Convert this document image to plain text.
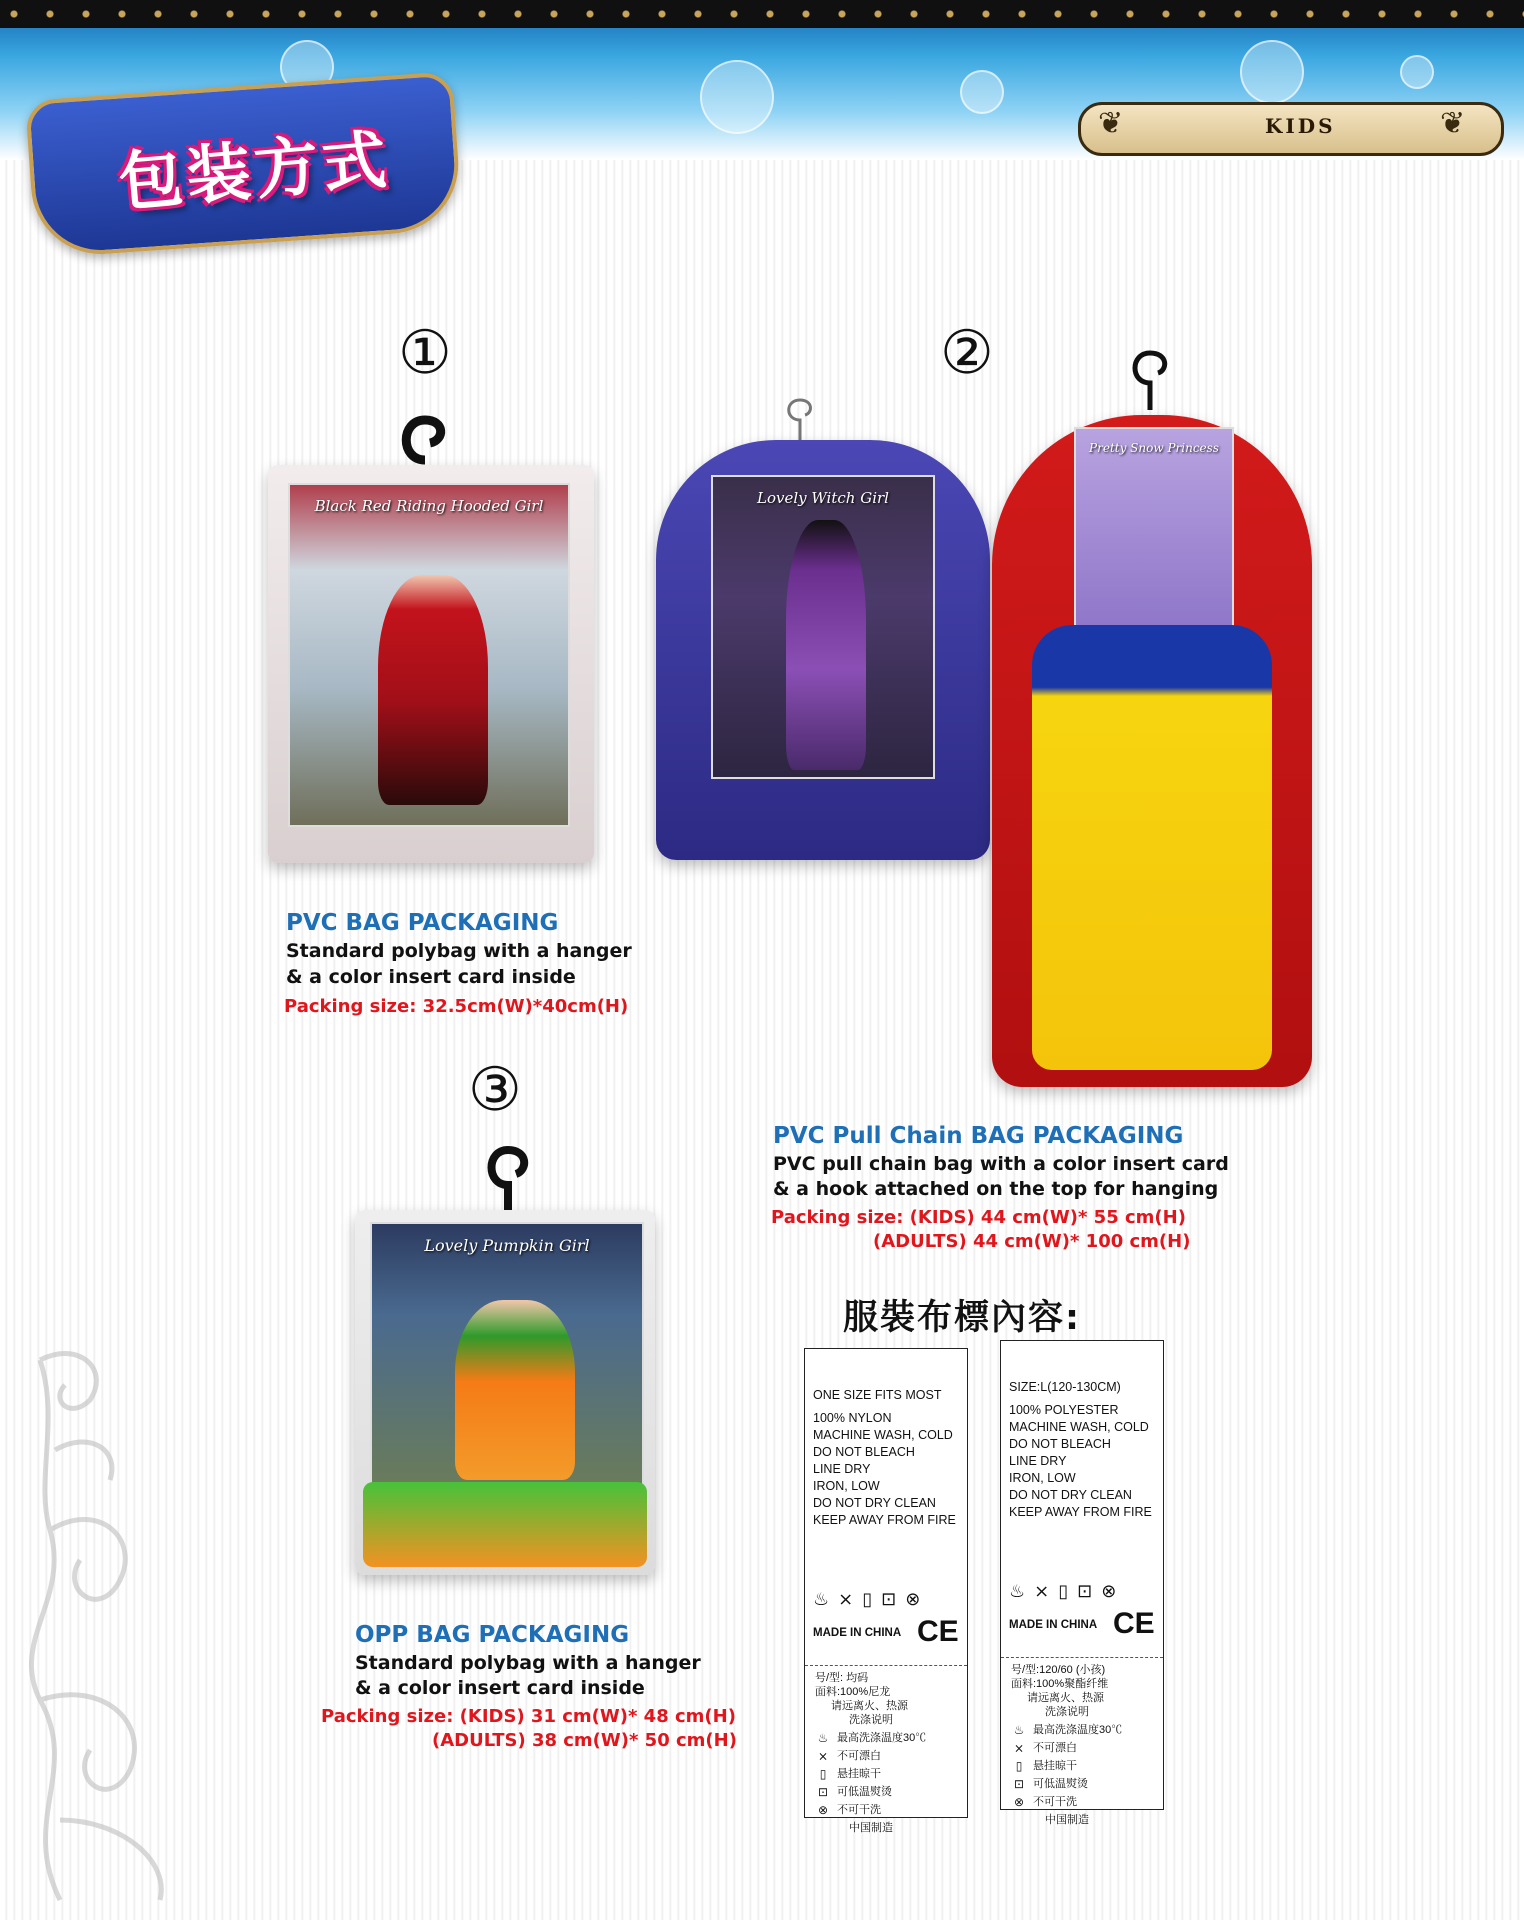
包装方式	❦	❦
KIDS
①
Black Red Riding Hooded Girl
PVC BAG PACKAGING
Standard polybag with a hanger
& a color insert card inside
Packing size: 32.5cm(W)*40cm(H)
②
Lovely Witch Girl
Pretty Snow Princess
PVC Pull Chain BAG PACKAGING
PVC pull chain bag with a color insert card
& a hook attached on the top for hanging
Packing size: (KIDS) 44 cm(W)* 55 cm(H)
(ADULTS) 44 cm(W)* 100 cm(H)
③
Lovely Pumpkin Girl
OPP BAG PACKAGING
Standard polybag with a hanger
& a color insert card inside
Packing size: (KIDS) 31 cm(W)* 48 cm(H)
(ADULTS) 38 cm(W)* 50 cm(H)
服裝布標內容:
ONE SIZE FITS MOST
100% NYLON
MACHINE WASH, COLD
DO NOT BLEACH
LINE DRY
IRON, LOW
DO NOT DRY CLEAN
KEEP AWAY FROM FIRE
♨ ⨯ ▯ ⊡ ⊗
MADE IN CHINA CE
号/型: 均码
面料:100%尼龙
请远离火、热源
洗涤说明
♨ 最高洗涤温度30℃
⨯ 不可漂白
▯ 悬挂晾干
⊡ 可低温熨烫
⊗ 不可干洗
中国制造
SIZE:L(120-130CM)
100% POLYESTER
MACHINE WASH, COLD
DO NOT BLEACH
LINE DRY
IRON, LOW
DO NOT DRY CLEAN
KEEP AWAY FROM FIRE
♨ ⨯ ▯ ⊡ ⊗
MADE IN CHINA CE
号/型:120/60 (小孩)
面料:100%聚酯纤维
请远离火、热源
洗涤说明
♨ 最高洗涤温度30℃
⨯ 不可漂白
▯ 悬挂晾干
⊡ 可低温熨烫
⊗ 不可干洗
中国制造
